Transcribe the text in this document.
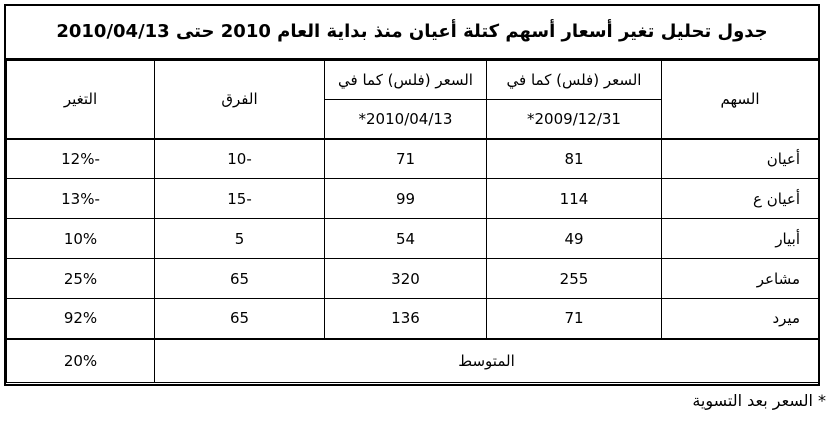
جدول تحليل تغير أسعار أسهم كتلة أعيان منذ بداية العام 2010 حتى 2010/04/13
السهم	السعر (فلس) كما في	السعر (فلس) كما في	الفرق	التغير
	2009/12/31*	2010/04/13*		
أعيان	81	71	-10	-12%
أعيان ع	114	99	-15	-13%
أبيار	49	54	5	10%
مشاعر	255	320	65	25%
ميرد	71	136	65	92%
المتوسط				20%
* السعر بعد التسوية
